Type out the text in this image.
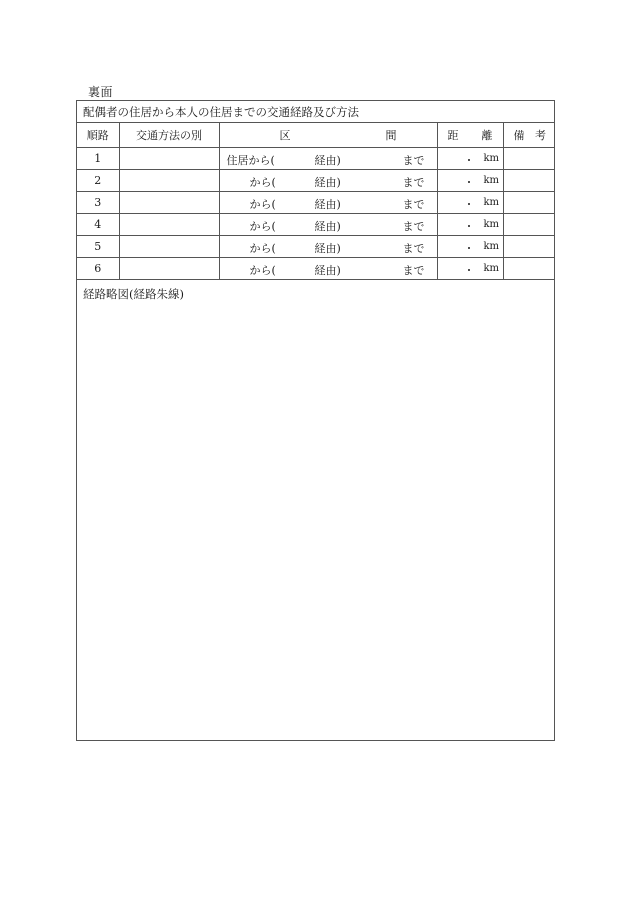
裏面
配偶者の住居から本人の住居までの交通経路及び方法
順路	交通方法の別	区 間	距 離	備 考

1		住居から( 経由) まで	・ km	

2		から( 経由) まで	・ km	

3		から( 経由) まで	・ km	

4		から( 経由) まで	・ km	

5		から( 経由) まで	・ km	

6		から( 経由) まで	・ km	

経路略図(経路朱線)
